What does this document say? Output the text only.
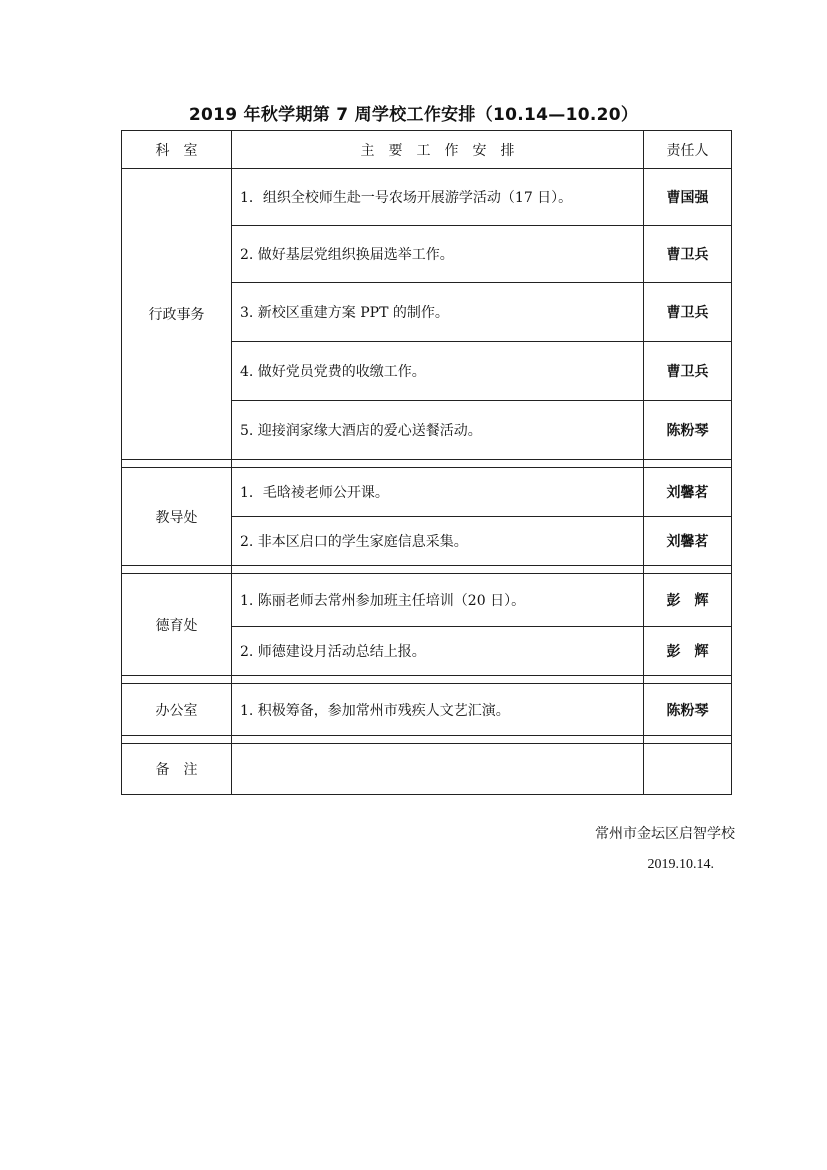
2019 年秋学期第 7 周学校工作安排（10.14—10.20）
科　室	主　要　工　作　安　排	责任人
行政事务	1．组织全校师生赴一号农场开展游学活动（17 日）。	曹国强
	2. 做好基层党组织换届选举工作。	曹卫兵
	3. 新校区重建方案 PPT 的制作。	曹卫兵
	4. 做好党员党费的收缴工作。	曹卫兵
	5. 迎接润家缘大酒店的爱心送餐活动。	陈粉琴

教导处	1．毛晗祾老师公开课。	刘馨茗
	2. 非本区启口的学生家庭信息采集。	刘馨茗

德育处	1. 陈丽老师去常州参加班主任培训（20 日）。	彭　辉
	2. 师德建设月活动总结上报。	彭　辉

办公室	1. 积极筹备，参加常州市残疾人文艺汇演。	陈粉琴

备　注		
常州市金坛区启智学校
2019.10.14.
